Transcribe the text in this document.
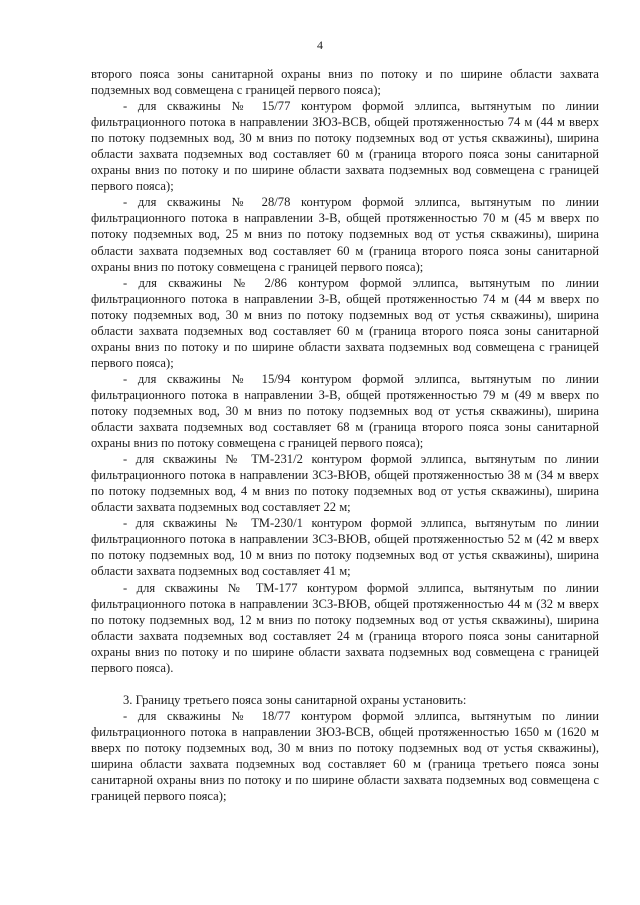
4

второго пояса зоны санитарной охраны вниз по потоку и по ширине области захвата подземных вод совмещена с границей первого пояса);

- для скважины № 15/77 контуром формой эллипса, вытянутым по линии фильтрационного потока в направлении ЗЮЗ-ВСВ, общей протяженностью 74 м (44 м вверх по потоку подземных вод, 30 м вниз по потоку подземных вод от устья скважины), ширина области захвата подземных вод составляет 60 м (граница второго пояса зоны санитарной охраны вниз по потоку и по ширине области захвата подземных вод совмещена с границей первого пояса);

- для скважины № 28/78 контуром формой эллипса, вытянутым по линии фильтрационного потока в направлении З-В, общей протяженностью 70 м (45 м вверх по потоку подземных вод, 25 м вниз по потоку подземных вод от устья скважины), ширина области захвата подземных вод составляет 60 м (граница второго пояса зоны санитарной охраны вниз по потоку совмещена с границей первого пояса);

- для скважины № 2/86 контуром формой эллипса, вытянутым по линии фильтрационного потока в направлении З-В, общей протяженностью 74 м (44 м вверх по потоку подземных вод, 30 м вниз по потоку подземных вод от устья скважины), ширина области захвата подземных вод составляет 60 м (граница второго пояса зоны санитарной охраны вниз по потоку и по ширине области захвата подземных вод совмещена с границей первого пояса);

- для скважины № 15/94 контуром формой эллипса, вытянутым по линии фильтрационного потока в направлении З-В, общей протяженностью 79 м (49 м вверх по потоку подземных вод, 30 м вниз по потоку подземных вод от устья скважины), ширина области захвата подземных вод составляет 68 м (граница второго пояса зоны санитарной охраны вниз по потоку совмещена с границей первого пояса);

- для скважины № ТМ-231/2 контуром формой эллипса, вытянутым по линии фильтрационного потока в направлении ЗСЗ-ВЮВ, общей протяженностью 38 м (34 м вверх по потоку подземных вод, 4 м вниз по потоку подземных вод от устья скважины), ширина области захвата подземных вод составляет 22 м;

- для скважины № ТМ-230/1 контуром формой эллипса, вытянутым по линии фильтрационного потока в направлении ЗСЗ-ВЮВ, общей протяженностью 52 м (42 м вверх по потоку подземных вод, 10 м вниз по потоку подземных вод от устья скважины), ширина области захвата подземных вод составляет 41 м;

- для скважины № ТМ-177 контуром формой эллипса, вытянутым по линии фильтрационного потока в направлении ЗСЗ-ВЮВ, общей протяженностью 44 м (32 м вверх по потоку подземных вод, 12 м вниз по потоку подземных вод от устья скважины), ширина области захвата подземных вод составляет 24 м (граница второго пояса зоны санитарной охраны вниз по потоку и по ширине области захвата подземных вод совмещена с границей первого пояса).

3. Границу третьего пояса зоны санитарной охраны установить:

- для скважины № 18/77 контуром формой эллипса, вытянутым по линии фильтрационного потока в направлении ЗЮЗ-ВСВ, общей протяженностью 1650 м (1620 м вверх по потоку подземных вод, 30 м вниз по потоку подземных вод от устья скважины), ширина области захвата подземных вод составляет 60 м (граница третьего пояса зоны санитарной охраны вниз по потоку и по ширине области захвата подземных вод совмещена с границей первого пояса);
